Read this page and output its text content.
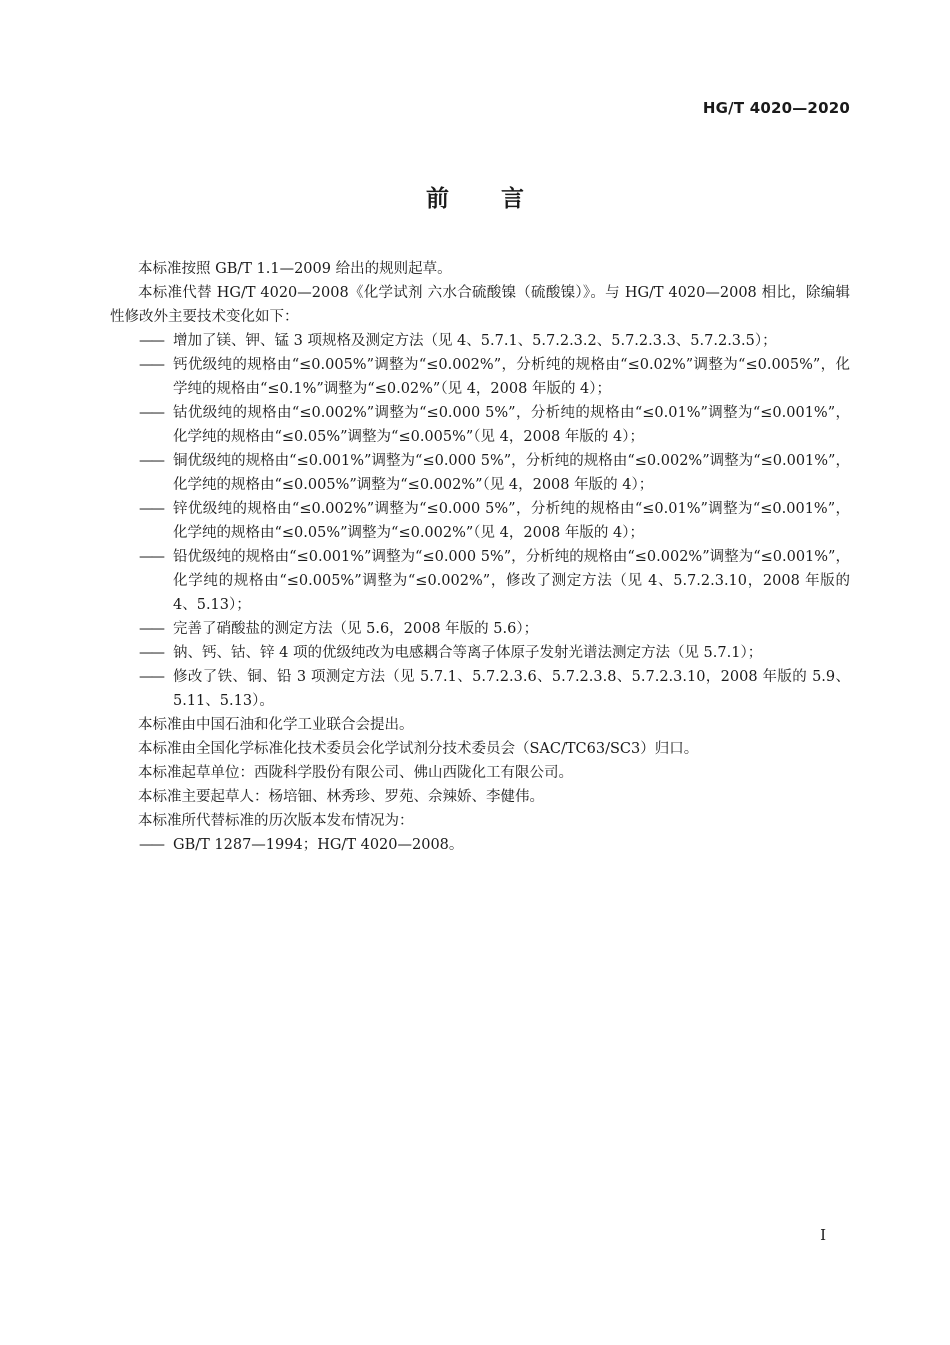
HG/T 4020—2020
前言

本标准按照 GB/T 1.1—2009 给出的规则起草。

本标准代替 HG/T 4020—2008《化学试剂 六水合硫酸镍（硫酸镍）》。与 HG/T 4020—2008 相比，除编辑性修改外主要技术变化如下：

—— 增加了镁、钾、锰 3 项规格及测定方法（见 4、5.7.1、5.7.2.3.2、5.7.2.3.3、5.7.2.3.5）；
—— 钙优级纯的规格由“≤0.005%”调整为“≤0.002%”，分析纯的规格由“≤0.02%”调整为“≤0.005%”，化学纯的规格由“≤0.1%”调整为“≤0.02%”（见 4，2008 年版的 4）；
—— 钴优级纯的规格由“≤0.002%”调整为“≤0.000 5%”，分析纯的规格由“≤0.01%”调整为“≤0.001%”，化学纯的规格由“≤0.05%”调整为“≤0.005%”（见 4，2008 年版的 4）；
—— 铜优级纯的规格由“≤0.001%”调整为“≤0.000 5%”，分析纯的规格由“≤0.002%”调整为“≤0.001%”，化学纯的规格由“≤0.005%”调整为“≤0.002%”（见 4，2008 年版的 4）；
—— 锌优级纯的规格由“≤0.002%”调整为“≤0.000 5%”，分析纯的规格由“≤0.01%”调整为“≤0.001%”，化学纯的规格由“≤0.05%”调整为“≤0.002%”（见 4，2008 年版的 4）；
—— 铅优级纯的规格由“≤0.001%”调整为“≤0.000 5%”，分析纯的规格由“≤0.002%”调整为“≤0.001%”，化学纯的规格由“≤0.005%”调整为“≤0.002%”，修改了测定方法（见 4、5.7.2.3.10，2008 年版的 4、5.13）；
—— 完善了硝酸盐的测定方法（见 5.6，2008 年版的 5.6）；
—— 钠、钙、钴、锌 4 项的优级纯改为电感耦合等离子体原子发射光谱法测定方法（见 5.7.1）；
—— 修改了铁、铜、铅 3 项测定方法（见 5.7.1、5.7.2.3.6、5.7.2.3.8、5.7.2.3.10，2008 年版的 5.9、5.11、5.13）。

本标准由中国石油和化学工业联合会提出。

本标准由全国化学标准化技术委员会化学试剂分技术委员会（SAC/TC63/SC3）归口。

本标准起草单位：西陇科学股份有限公司、佛山西陇化工有限公司。

本标准主要起草人：杨培钿、林秀珍、罗苑、佘辣娇、李健伟。

本标准所代替标准的历次版本发布情况为：

—— GB/T 1287—1994；HG/T 4020—2008。
I
